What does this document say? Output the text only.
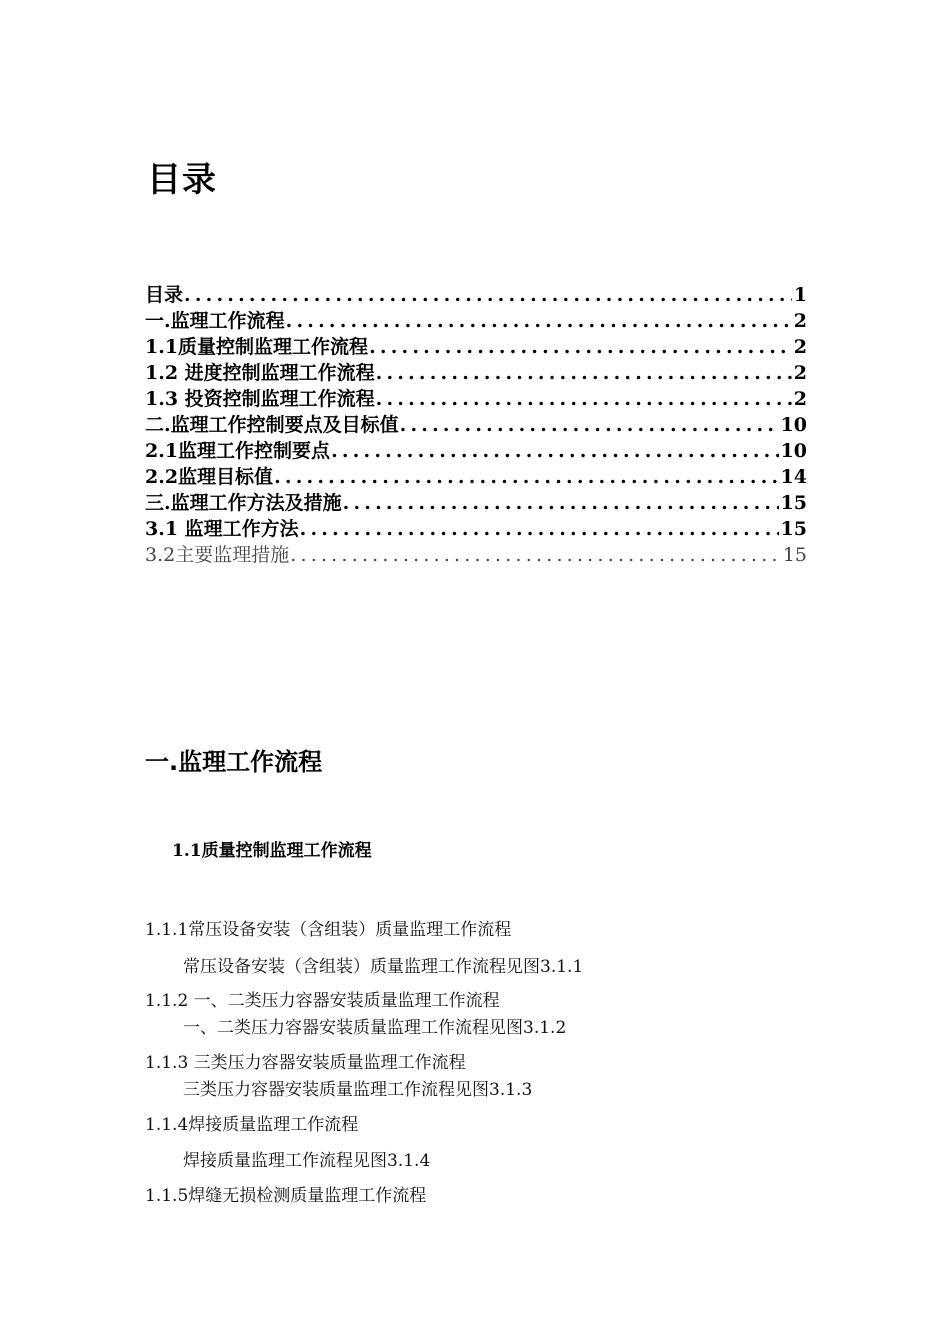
目录
目录 .....	1
一.监理工作流程 .....	2
1.1质量控制监理工作流程 .....	2
1.2 进度控制监理工作流程 .....	2
1.3 投资控制监理工作流程 .....	2
二.监理工作控制要点及目标值 .....	10
2.1监理工作控制要点 .....	10
2.2监理目标值 .....	14
三.监理工作方法及措施 .....	15
3.1 监理工作方法 .....	15
3.2主要监理措施 .....	15
一.监理工作流程
1.1质量控制监理工作流程
1.1.1常压设备安装（含组装）质量监理工作流程
常压设备安装（含组装）质量监理工作流程见图3.1.1
1.1.2 一、二类压力容器安装质量监理工作流程
一、二类压力容器安装质量监理工作流程见图3.1.2
1.1.3 三类压力容器安装质量监理工作流程
三类压力容器安装质量监理工作流程见图3.1.3
1.1.4焊接质量监理工作流程
焊接质量监理工作流程见图3.1.4
1.1.5焊缝无损检测质量监理工作流程
